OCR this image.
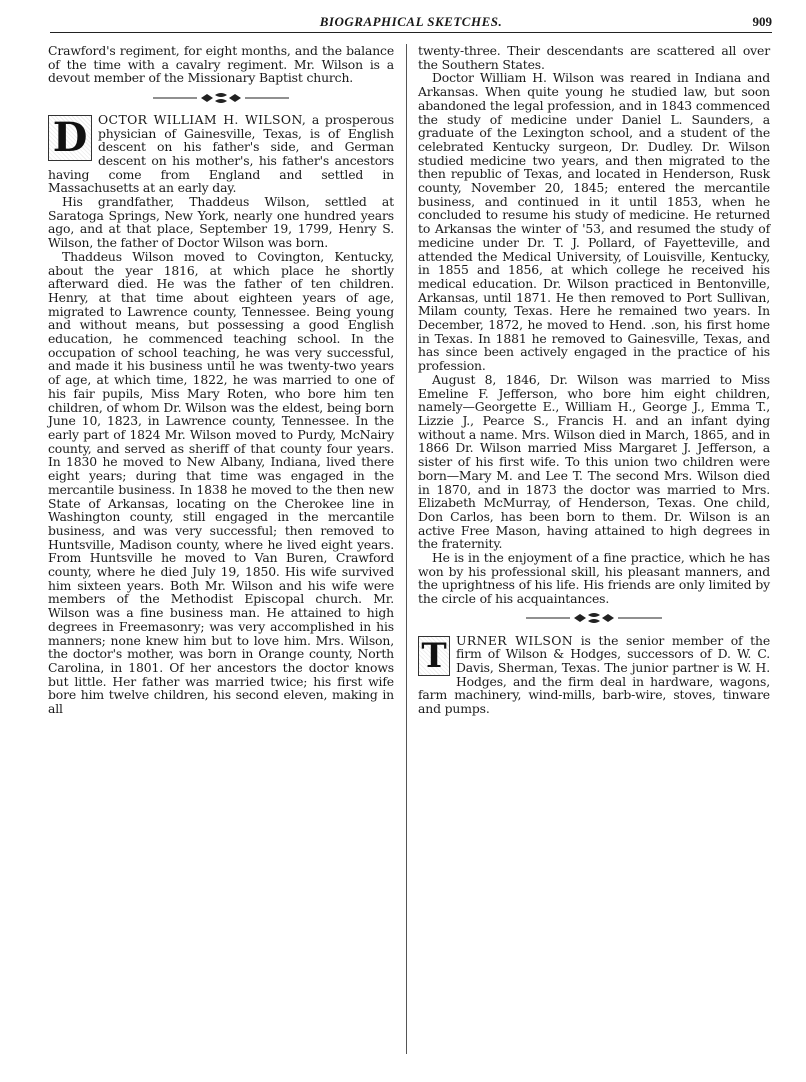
BIOGRAPHICAL SKETCHES.	909

Crawford's regiment, for eight months, and the balance of the time with a cavalry regiment. Mr. Wilson is a devout member of the Missionary Baptist church.

D OCTOR WILLIAM H. WILSON, a prosperous physician of Gainesville, Texas, is of English descent on his father's side, and German descent on his mother's, his father's ancestors having come from England and settled in Massachusetts at an early day.

His grandfather, Thaddeus Wilson, settled at Saratoga Springs, New York, nearly one hundred years ago, and at that place, September 19, 1799, Henry S. Wilson, the father of Doctor Wilson was born.

Thaddeus Wilson moved to Covington, Kentucky, about the year 1816, at which place he shortly afterward died. He was the father of ten children. Henry, at that time about eighteen years of age, migrated to Lawrence county, Tennessee. Being young and without means, but possessing a good English education, he commenced teaching school. In the occupation of school teaching, he was very successful, and made it his business until he was twenty-two years of age, at which time, 1822, he was married to one of his fair pupils, Miss Mary Roten, who bore him ten children, of whom Dr. Wilson was the eldest, being born June 10, 1823, in Lawrence county, Tennessee. In the early part of 1824 Mr. Wilson moved to Purdy, McNairy county, and served as sheriff of that county four years. In 1830 he moved to New Albany, Indiana, lived there eight years; during that time was engaged in the mercantile business. In 1838 he moved to the then new State of Arkansas, locating on the Cherokee line in Washington county, still engaged in the mercantile business, and was very successful; then removed to Huntsville, Madison county, where he lived eight years. From Huntsville he moved to Van Buren, Crawford county, where he died July 19, 1850. His wife survived him sixteen years. Both Mr. Wilson and his wife were members of the Methodist Episcopal church. Mr. Wilson was a fine business man. He attained to high degrees in Freemasonry; was very accomplished in his manners; none knew him but to love him. Mrs. Wilson, the doctor's mother, was born in Orange county, North Carolina, in 1801. Of her ancestors the doctor knows but little. Her father was married twice; his first wife bore him twelve children, his second eleven, making in all

twenty-three. Their descendants are scattered all over the Southern States.

Doctor William H. Wilson was reared in Indiana and Arkansas. When quite young he studied law, but soon abandoned the legal profession, and in 1843 commenced the study of medicine under Daniel L. Saunders, a graduate of the Lexington school, and a student of the celebrated Kentucky surgeon, Dr. Dudley. Dr. Wilson studied medicine two years, and then migrated to the then republic of Texas, and located in Henderson, Rusk county, November 20, 1845; entered the mercantile business, and continued in it until 1853, when he concluded to resume his study of medicine. He returned to Arkansas the winter of '53, and resumed the study of medicine under Dr. T. J. Pollard, of Fayetteville, and attended the Medical University, of Louisville, Kentucky, in 1855 and 1856, at which college he received his medical education. Dr. Wilson practiced in Bentonville, Arkansas, until 1871. He then removed to Port Sullivan, Milam county, Texas. Here he remained two years. In December, 1872, he moved to Hend. .son, his first home in Texas. In 1881 he removed to Gainesville, Texas, and has since been actively engaged in the practice of his profession.

August 8, 1846, Dr. Wilson was married to Miss Emeline F. Jefferson, who bore him eight children, namely—Georgette E., William H., George J., Emma T., Lizzie J., Pearce S., Francis H. and an infant dying without a name. Mrs. Wilson died in March, 1865, and in 1866 Dr. Wilson married Miss Margaret J. Jefferson, a sister of his first wife. To this union two children were born—Mary M. and Lee T. The second Mrs. Wilson died in 1870, and in 1873 the doctor was married to Mrs. Elizabeth McMurray, of Henderson, Texas. One child, Don Carlos, has been born to them. Dr. Wilson is an active Free Mason, having attained to high degrees in the fraternity.

He is in the enjoyment of a fine practice, which he has won by his professional skill, his pleasant manners, and the uprightness of his life. His friends are only limited by the circle of his acquaintances.

T URNER WILSON is the senior member of the firm of Wilson & Hodges, successors of D. W. C. Davis, Sherman, Texas. The junior partner is W. H. Hodges, and the firm deal in hardware, wagons, farm machinery, wind-mills, barb-wire, stoves, tinware and pumps.
